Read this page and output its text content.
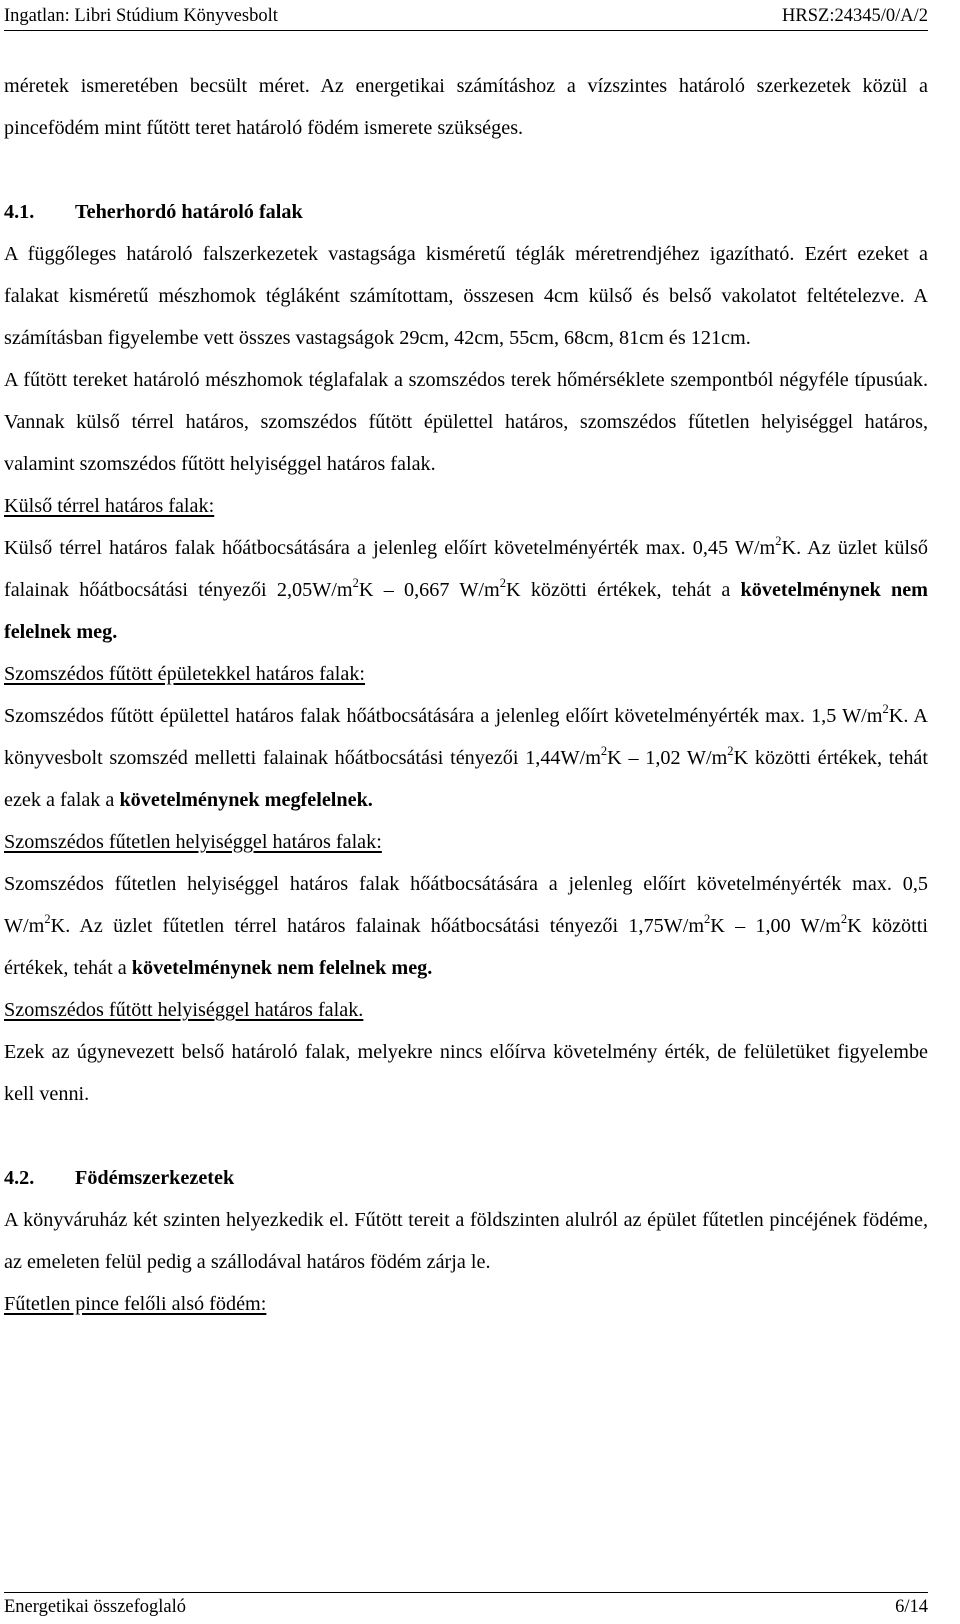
Ingatlan: Libri Stúdium Könyvesbolt	HRSZ:24345/0/A/2

méretek ismeretében becsült méret. Az energetikai számításhoz a vízszintes határoló szerkezetek közül a pincefödém mint fűtött teret határoló födém ismerete szükséges.

4.1. Teherhordó határoló falak

A függőleges határoló falszerkezetek vastagsága kisméretű téglák méretrendjéhez igazítható. Ezért ezeket a falakat kisméretű mészhomok tégláként számítottam, összesen 4cm külső és belső vakolatot feltételezve. A számításban figyelembe vett összes vastagságok 29cm, 42cm, 55cm, 68cm, 81cm és 121cm.

A fűtött tereket határoló mészhomok téglafalak a szomszédos terek hőmérséklete szempontból négyféle típusúak. Vannak külső térrel határos, szomszédos fűtött épülettel határos, szomszédos fűtetlen helyiséggel határos, valamint szomszédos fűtött helyiséggel határos falak.

Külső térrel határos falak:

Külső térrel határos falak hőátbocsátására a jelenleg előírt követelményérték max. 0,45 $W/m^2K$. Az üzlet külső falainak hőátbocsátási tényezői $2,05W/m^2K - 0,667$ $W/m^2K$ közötti értékek, tehát a követelménynek nem felelnek meg.

Szomszédos fűtött épületekkel határos falak:

Szomszédos fűtött épülettel határos falak hőátbocsátására a jelenleg előírt követelményérték max. 1,5 $W/m^2K$. A könyvesbolt szomszéd melletti falainak hőátbocsátási tényezői $1,44W/m^2K - 1,02$ $W/m^2K$ közötti értékek, tehát ezek a falak a követelménynek megfelelnek.

Szomszédos fűtetlen helyiséggel határos falak:

Szomszédos fűtetlen helyiséggel határos falak hőátbocsátására a jelenleg előírt követelményérték max. 0,5 $W/m^2K$. Az üzlet fűtetlen térrel határos falainak hőátbocsátási tényezői $1,75W/m^2K - 1,00$ $W/m^2K$ közötti értékek, tehát a követelménynek nem felelnek meg.

Szomszédos fűtött helyiséggel határos falak.

Ezek az úgynevezett belső határoló falak, melyekre nincs előírva követelmény érték, de felületüket figyelembe kell venni.

4.2. Födémszerkezetek

A könyváruház két szinten helyezkedik el. Fűtött tereit a földszinten alulról az épület fűtetlen pincéjének födéme, az emeleten felül pedig a szállodával határos födém zárja le.

Fűtetlen pince felőli alsó födém:

Energetikai összefoglaló	6/14
